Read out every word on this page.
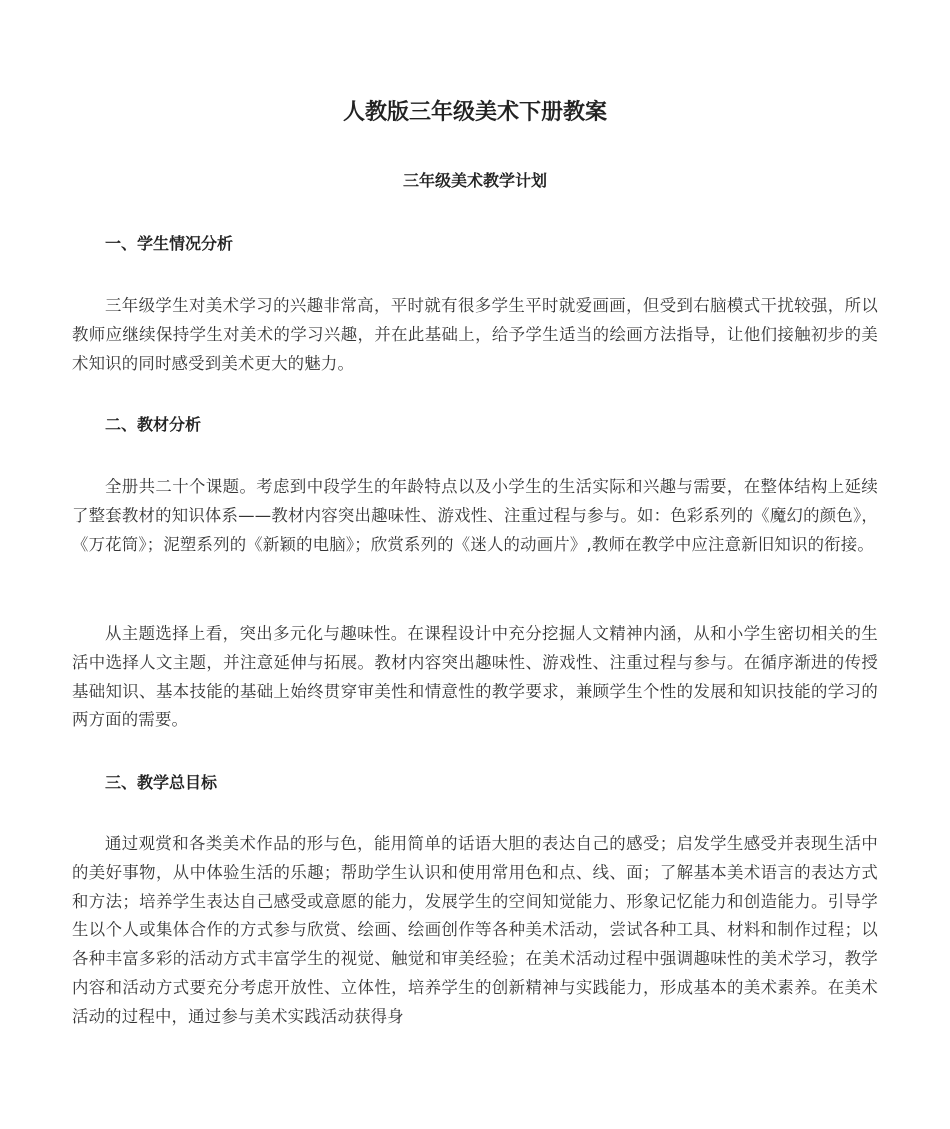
人教版三年级美术下册教案
三年级美术教学计划
一、学生情况分析

三年级学生对美术学习的兴趣非常高，平时就有很多学生平时就爱画画，但受到右脑模式干扰较强，所以教师应继续保持学生对美术的学习兴趣，并在此基础上，给予学生适当的绘画方法指导，让他们接触初步的美术知识的同时感受到美术更大的魅力。

二、教材分析

全册共二十个课题。考虑到中段学生的年龄特点以及小学生的生活实际和兴趣与需要，在整体结构上延续了整套教材的知识体系——教材内容突出趣味性、游戏性、注重过程与参与。如：色彩系列的《魔幻的颜色》，《万花筒》；泥塑系列的《新颖的电脑》；欣赏系列的《迷人的动画片》,教师在教学中应注意新旧知识的衔接。

从主题选择上看，突出多元化与趣味性。在课程设计中充分挖掘人文精神内涵，从和小学生密切相关的生活中选择人文主题，并注意延伸与拓展。教材内容突出趣味性、游戏性、注重过程与参与。在循序渐进的传授基础知识、基本技能的基础上始终贯穿审美性和情意性的教学要求，兼顾学生个性的发展和知识技能的学习的两方面的需要。

三、教学总目标

通过观赏和各类美术作品的形与色，能用简单的话语大胆的表达自己的感受；启发学生感受并表现生活中的美好事物，从中体验生活的乐趣；帮助学生认识和使用常用色和点、线、面；了解基本美术语言的表达方式和方法；培养学生表达自己感受或意愿的能力，发展学生的空间知觉能力、形象记忆能力和创造能力。引导学生以个人或集体合作的方式参与欣赏、绘画、绘画创作等各种美术活动，尝试各种工具、材料和制作过程；以各种丰富多彩的活动方式丰富学生的视觉、触觉和审美经验；在美术活动过程中强调趣味性的美术学习，教学内容和活动方式要充分考虑开放性、立体性，培养学生的创新精神与实践能力，形成基本的美术素养。在美术活动的过程中，通过参与美术实践活动获得身
